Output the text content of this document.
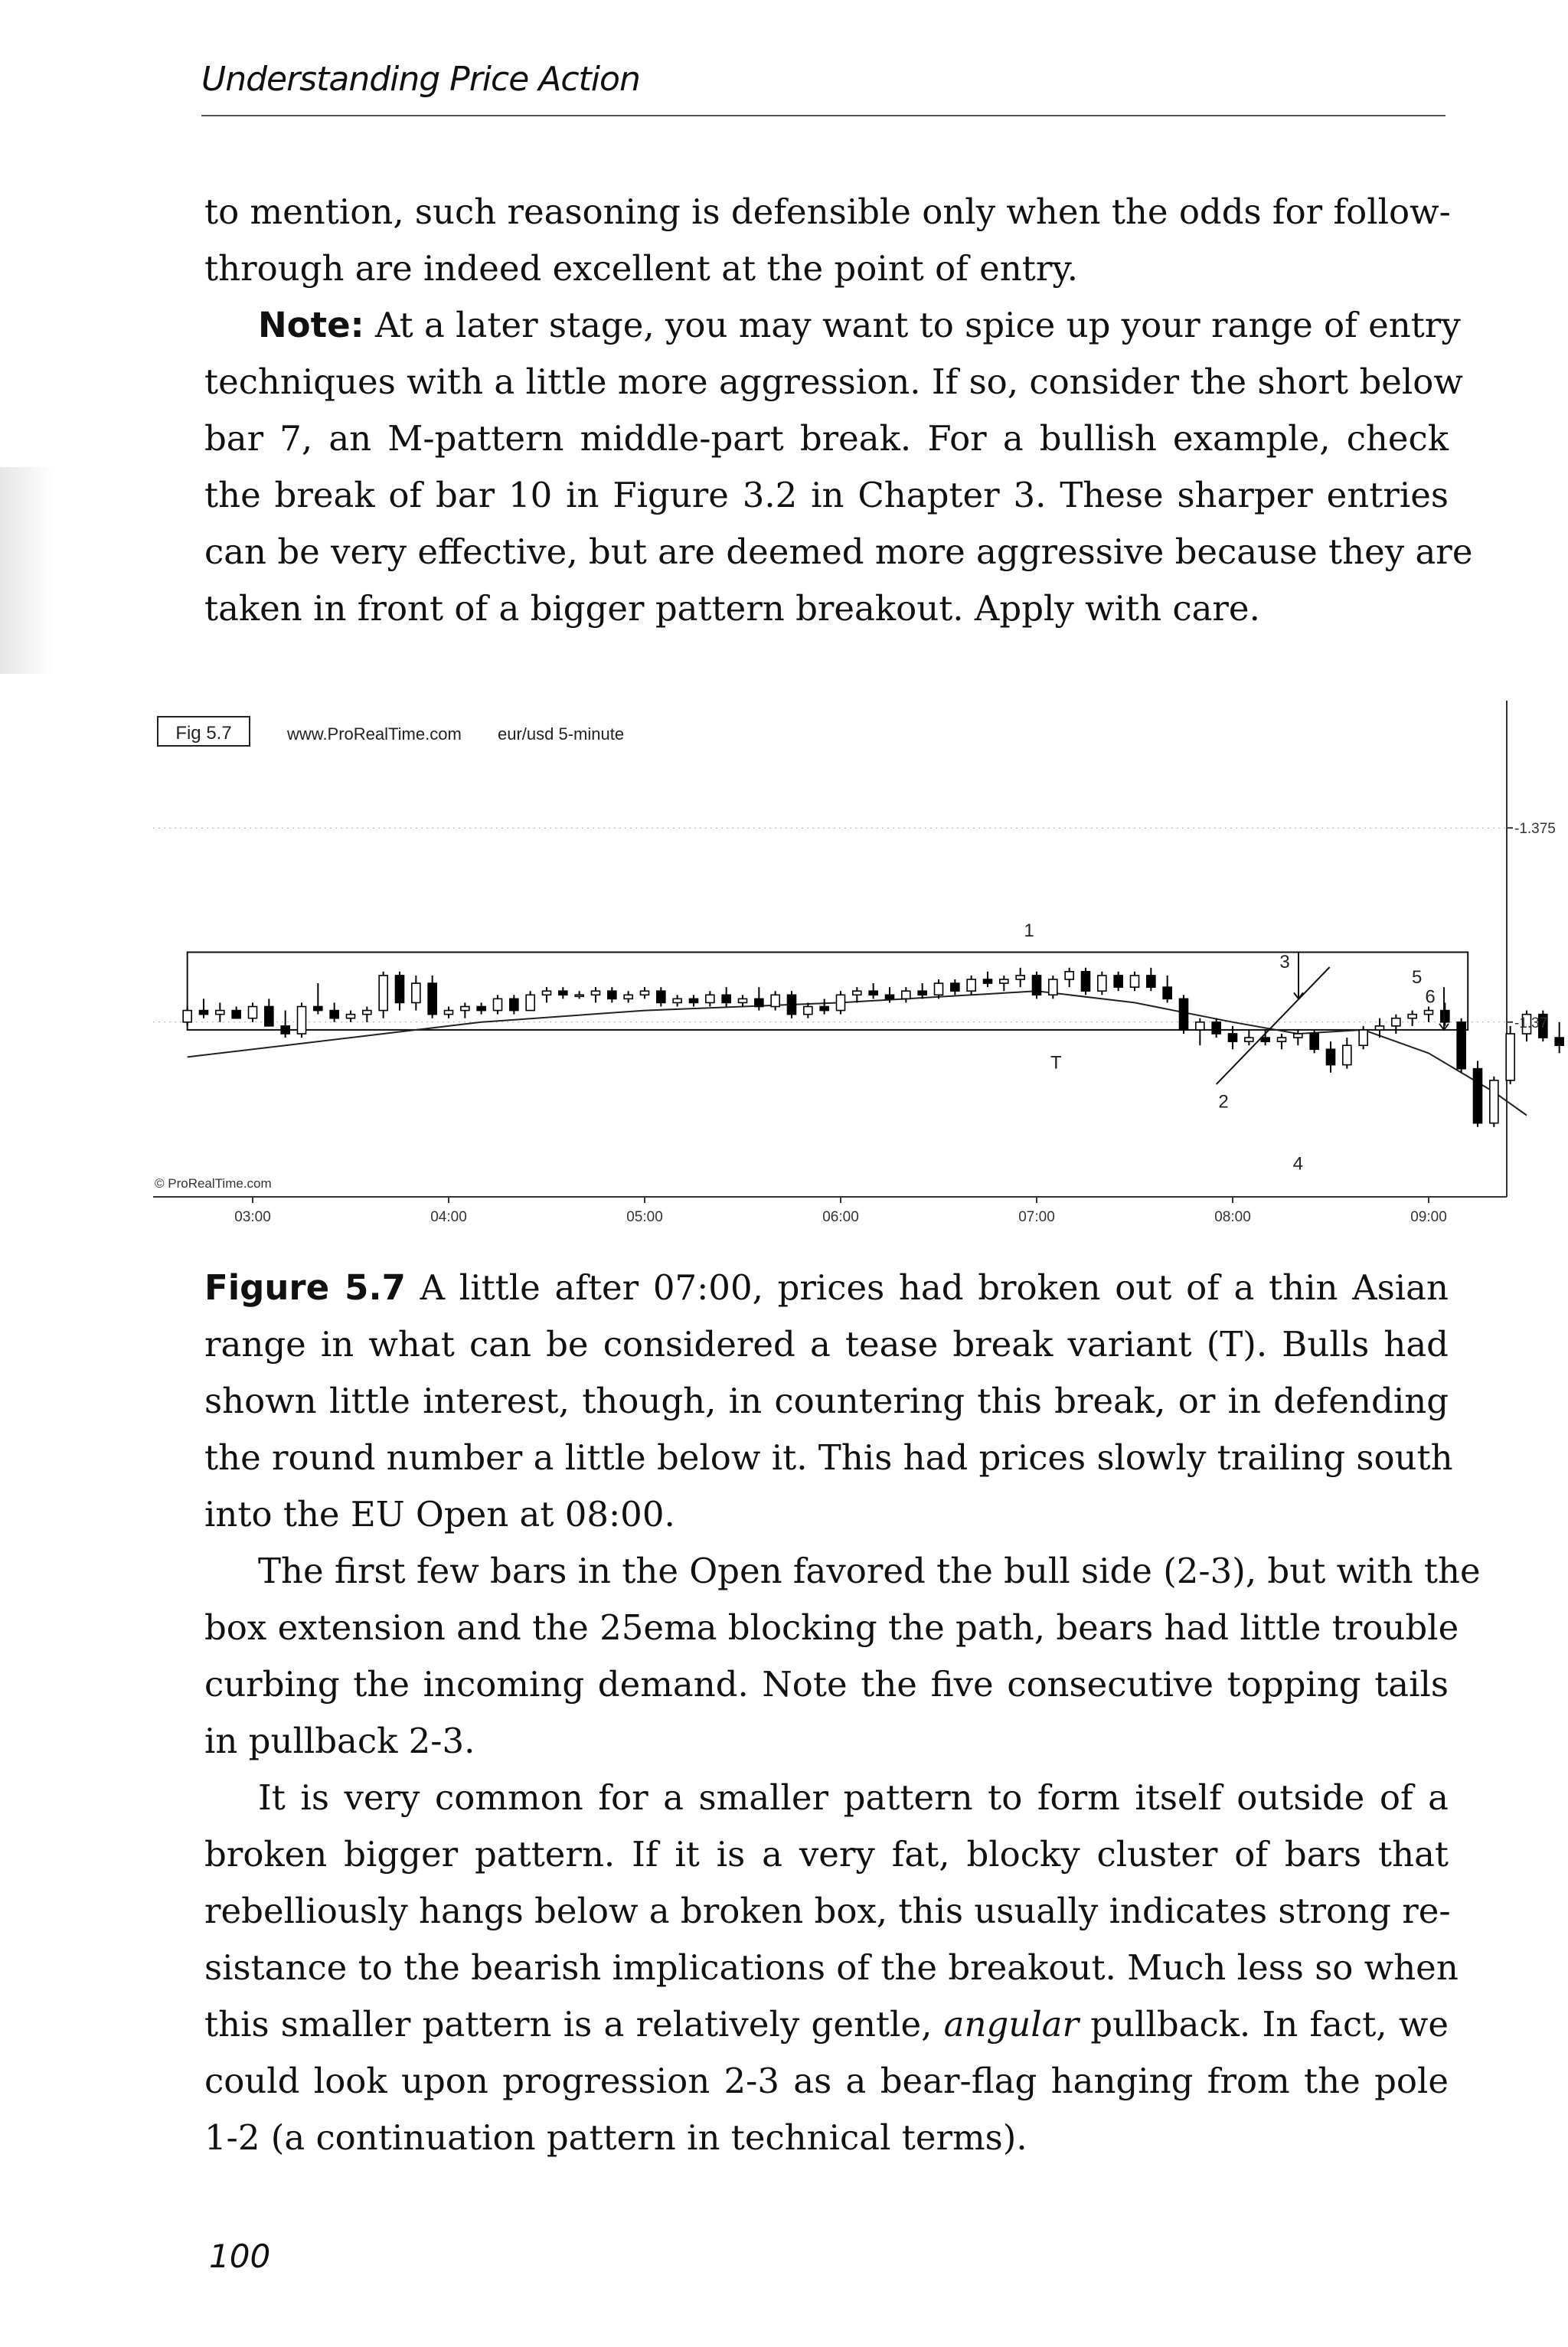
Understanding Price Action
to mention, such reasoning is defensible only when the odds for follow-
through are indeed excellent at the point of entry.
Note: At a later stage, you may want to spice up your range of entry
techniques with a little more aggression. If so, consider the short below
bar 7, an M-pattern middle-part break. For a bullish example, check
the break of bar 10 in Figure 3.2 in Chapter 3. These sharper entries
can be very effective, but are deemed more aggressive because they are
taken in front of a bigger pattern breakout. Apply with care.
Fig 5.7	www.ProRealTime.com eur/usd 5-minute
© ProRealTime.com
-1.375
-1.37
03:00	04:00	05:00	06:00	07:00	08:00	09:00
1
T
2
3
4
5
6
Figure 5.7 A little after 07:00, prices had broken out of a thin Asian
range in what can be considered a tease break variant (T). Bulls had
shown little interest, though, in countering this break, or in defending
the round number a little below it. This had prices slowly trailing south
into the EU Open at 08:00.
The first few bars in the Open favored the bull side (2-3), but with the
box extension and the 25ema blocking the path, bears had little trouble
curbing the incoming demand. Note the five consecutive topping tails
in pullback 2-3.
It is very common for a smaller pattern to form itself outside of a
broken bigger pattern. If it is a very fat, blocky cluster of bars that
rebelliously hangs below a broken box, this usually indicates strong re-
sistance to the bearish implications of the breakout. Much less so when
this smaller pattern is a relatively gentle, angular pullback. In fact, we
could look upon progression 2-3 as a bear-flag hanging from the pole
1-2 (a continuation pattern in technical terms).
100
